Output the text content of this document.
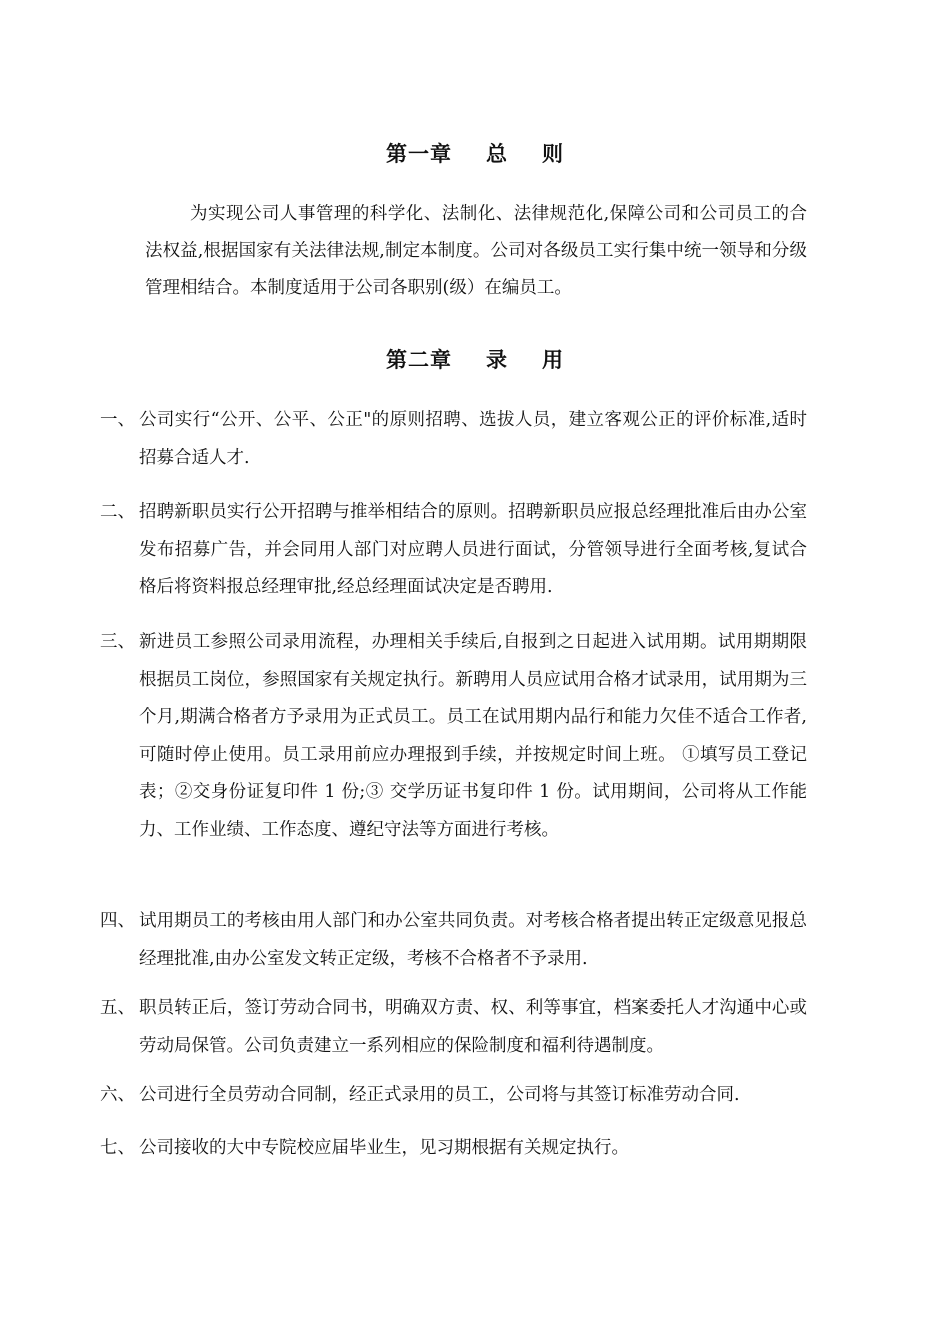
第一章 总 则
为实现公司人事管理的科学化、法制化、法律规范化,保障公司和公司员工的合法权益,根据国家有关法律法规,制定本制度。公司对各级员工实行集中统一领导和分级管理相结合。本制度适用于公司各职别(级）在编员工。
第二章 录 用
一、 公司实行“公开、公平、公正"的原则招聘、选拔人员，建立客观公正的评价标准,适时招募合适人才.
二、 招聘新职员实行公开招聘与推举相结合的原则。招聘新职员应报总经理批准后由办公室发布招募广告，并会同用人部门对应聘人员进行面试，分管领导进行全面考核,复试合格后将资料报总经理审批,经总经理面试决定是否聘用.
三、 新进员工参照公司录用流程，办理相关手续后,自报到之日起进入试用期。试用期期限根据员工岗位，参照国家有关规定执行。新聘用人员应试用合格才试录用，试用期为三个月,期满合格者方予录用为正式员工。员工在试用期内品行和能力欠佳不适合工作者,可随时停止使用。员工录用前应办理报到手续，并按规定时间上班。 ①填写员工登记表；②交身份证复印件 1 份;③ 交学历证书复印件 1 份。试用期间，公司将从工作能力、工作业绩、工作态度、遵纪守法等方面进行考核。
四、 试用期员工的考核由用人部门和办公室共同负责。对考核合格者提出转正定级意见报总经理批准,由办公室发文转正定级，考核不合格者不予录用.
五、 职员转正后，签订劳动合同书，明确双方责、权、利等事宜，档案委托人才沟通中心或劳动局保管。公司负责建立一系列相应的保险制度和福利待遇制度。
六、 公司进行全员劳动合同制，经正式录用的员工，公司将与其签订标准劳动合同.
七、 公司接收的大中专院校应届毕业生，见习期根据有关规定执行。
